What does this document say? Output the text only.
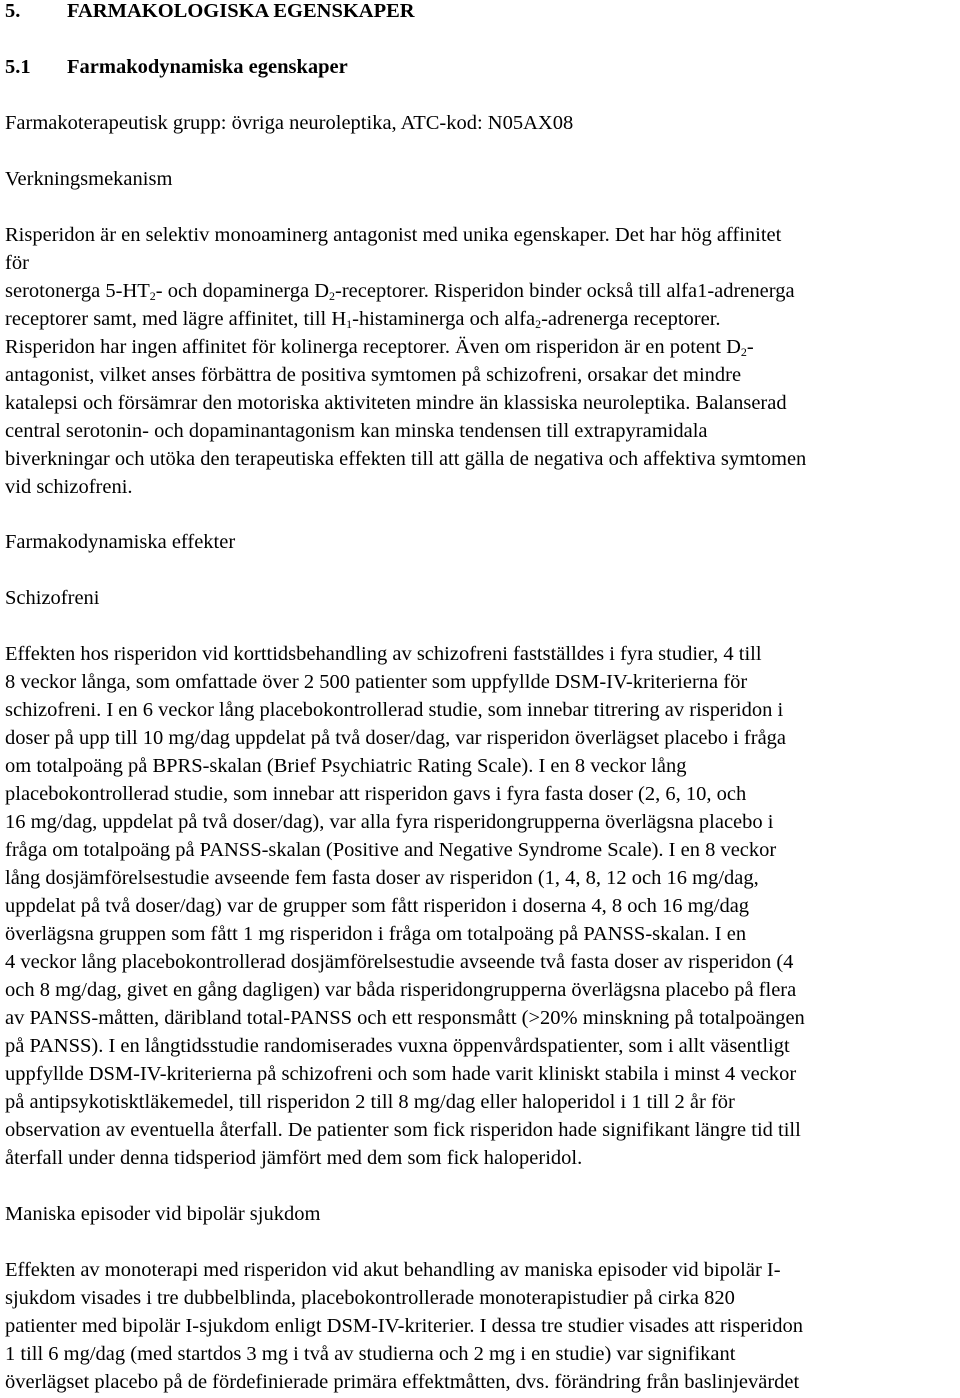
5. FARMAKOLOGISKA EGENSKAPER
5.1 Farmakodynamiska egenskaper
Farmakoterapeutisk grupp: övriga neuroleptika, ATC-kod: N05AX08
Verkningsmekanism
Risperidon är en selektiv monoaminerg antagonist med unika egenskaper. Det har hög affinitet
för
serotonerga $5-HT_2-$ och dopaminerga $D_2$-receptorer. Risperidon binder också till alfa1-adrenerga
receptorer samt, med lägre affinitet, till $H_1$-histaminerga och alfa$_2$-adrenerga receptorer.
Risperidon har ingen affinitet för kolinerga receptorer. Även om risperidon är en potent $D_2-$
antagonist, vilket anses förbättra de positiva symtomen på schizofreni, orsakar det mindre
katalepsi och försämrar den motoriska aktiviteten mindre än klassiska neuroleptika. Balanserad
central serotonin- och dopaminantagonism kan minska tendensen till extrapyramidala
biverkningar och utöka den terapeutiska effekten till att gälla de negativa och affektiva symtomen
vid schizofreni.
Farmakodynamiska effekter
Schizofreni
Effekten hos risperidon vid korttidsbehandling av schizofreni fastställdes i fyra studier, 4 till
8 veckor långa, som omfattade över 2 500 patienter som uppfyllde DSM-IV-kriterierna för
schizofreni. I en 6 veckor lång placebokontrollerad studie, som innebar titrering av risperidon i
doser på upp till 10 mg/dag uppdelat på två doser/dag, var risperidon överlägset placebo i fråga
om totalpoäng på BPRS-skalan (Brief Psychiatric Rating Scale). I en 8 veckor lång
placebokontrollerad studie, som innebar att risperidon gavs i fyra fasta doser (2, 6, 10, och
16 mg/dag, uppdelat på två doser/dag), var alla fyra risperidongrupperna överlägsna placebo i
fråga om totalpoäng på PANSS-skalan (Positive and Negative Syndrome Scale). I en 8 veckor
lång dosjämförelsestudie avseende fem fasta doser av risperidon (1, 4, 8, 12 och 16 mg/dag,
uppdelat på två doser/dag) var de grupper som fått risperidon i doserna 4, 8 och 16 mg/dag
överlägsna gruppen som fått 1 mg risperidon i fråga om totalpoäng på PANSS-skalan. I en
4 veckor lång placebokontrollerad dosjämförelsestudie avseende två fasta doser av risperidon (4
och 8 mg/dag, givet en gång dagligen) var båda risperidongrupperna överlägsna placebo på flera
av PANSS-måtten, däribland total-PANSS och ett responsmått (>20% minskning på totalpoängen
på PANSS). I en långtidsstudie randomiserades vuxna öppenvårdspatienter, som i allt väsentligt
uppfyllde DSM-IV-kriterierna på schizofreni och som hade varit kliniskt stabila i minst 4 veckor
på antipsykotisktläkemedel, till risperidon 2 till 8 mg/dag eller haloperidol i 1 till 2 år för
observation av eventuella återfall. De patienter som fick risperidon hade signifikant längre tid till
återfall under denna tidsperiod jämfört med dem som fick haloperidol.
Maniska episoder vid bipolär sjukdom
Effekten av monoterapi med risperidon vid akut behandling av maniska episoder vid bipolär I-
sjukdom visades i tre dubbelblinda, placebokontrollerade monoterapistudier på cirka 820
patienter med bipolär I-sjukdom enligt DSM-IV-kriterier. I dessa tre studier visades att risperidon
1 till 6 mg/dag (med startdos 3 mg i två av studierna och 2 mg i en studie) var signifikant
överlägset placebo på de fördefinierade primära effektmåtten, dvs. förändring från baslinjevärdet
